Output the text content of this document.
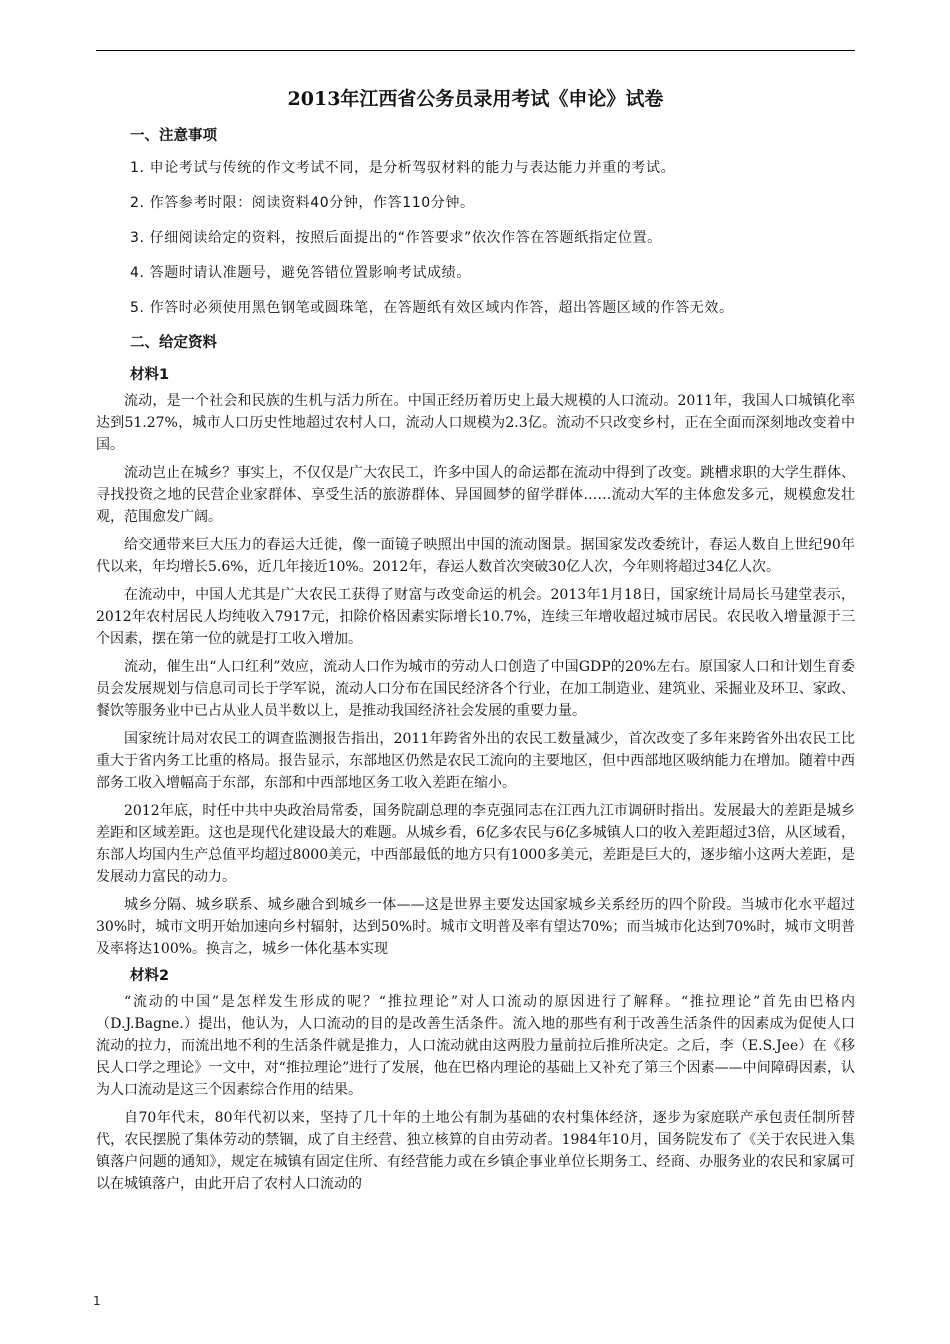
2013年江西省公务员录用考试《申论》试卷
一、注意事项
1. 申论考试与传统的作文考试不同，是分析驾驭材料的能力与表达能力并重的考试。
2. 作答参考时限：阅读资料40分钟，作答110分钟。
3. 仔细阅读给定的资料，按照后面提出的“作答要求”依次作答在答题纸指定位置。
4. 答题时请认准题号，避免答错位置影响考试成绩。
5. 作答时必须使用黑色钢笔或圆珠笔，在答题纸有效区域内作答，超出答题区域的作答无效。
二、给定资料
材料1

流动，是一个社会和民族的生机与活力所在。中国正经历着历史上最大规模的人口流动。2011年，我国人口城镇化率达到51.27%，城市人口历史性地超过农村人口，流动人口规模为2.3亿。流动不只改变乡村，正在全面而深刻地改变着中国。

流动岂止在城乡？事实上，不仅仅是广大农民工，许多中国人的命运都在流动中得到了改变。跳槽求职的大学生群体、寻找投资之地的民营企业家群体、享受生活的旅游群体、异国圆梦的留学群体……流动大军的主体愈发多元，规模愈发壮观，范围愈发广阔。

给交通带来巨大压力的春运大迁徙，像一面镜子映照出中国的流动图景。据国家发改委统计，春运人数自上世纪90年代以来，年均增长5.6%，近几年接近10%。2012年，春运人数首次突破30亿人次，今年则将超过34亿人次。

在流动中，中国人尤其是广大农民工获得了财富与改变命运的机会。2013年1月18日，国家统计局局长马建堂表示，2012年农村居民人均纯收入7917元，扣除价格因素实际增长10.7%，连续三年增收超过城市居民。农民收入增量源于三个因素，摆在第一位的就是打工收入增加。

流动，催生出“人口红利”效应，流动人口作为城市的劳动人口创造了中国GDP的20%左右。原国家人口和计划生育委员会发展规划与信息司司长于学军说，流动人口分布在国民经济各个行业，在加工制造业、建筑业、采掘业及环卫、家政、餐饮等服务业中已占从业人员半数以上，是推动我国经济社会发展的重要力量。

国家统计局对农民工的调查监测报告指出，2011年跨省外出的农民工数量减少，首次改变了多年来跨省外出农民工比重大于省内务工比重的格局。报告显示，东部地区仍然是农民工流向的主要地区，但中西部地区吸纳能力在增加。随着中西部务工收入增幅高于东部，东部和中西部地区务工收入差距在缩小。

2012年底，时任中共中央政治局常委，国务院副总理的李克强同志在江西九江市调研时指出。发展最大的差距是城乡差距和区域差距。这也是现代化建设最大的难题。从城乡看，6亿多农民与6亿多城镇人口的收入差距超过3倍，从区域看，东部人均国内生产总值平均超过8000美元，中西部最低的地方只有1000多美元，差距是巨大的，逐步缩小这两大差距，是发展动力富民的动力。

城乡分隔、城乡联系、城乡融合到城乡一体——这是世界主要发达国家城乡关系经历的四个阶段。当城市化水平超过30%时，城市文明开始加速向乡村辐射，达到50%时。城市文明普及率有望达70%；而当城市化达到70%时，城市文明普及率将达100%。换言之，城乡一体化基本实现

材料2

“流动的中国”是怎样发生形成的呢？“推拉理论”对人口流动的原因进行了解释。“推拉理论”首先由巴格内（D.J.Bagne.）提出，他认为，人口流动的目的是改善生活条件。流入地的那些有利于改善生活条件的因素成为促使人口流动的拉力，而流出地不利的生活条件就是推力，人口流动就由这两股力量前拉后推所决定。之后，李（E.S.Jee）在《移民人口学之理论》一文中，对“推拉理论”进行了发展，他在巴格内理论的基础上又补充了第三个因素——中间障碍因素，认为人口流动是这三个因素综合作用的结果。

自70年代末，80年代初以来，坚持了几十年的土地公有制为基础的农村集体经济，逐步为家庭联产承包责任制所替代，农民摆脱了集体劳动的禁锢，成了自主经营、独立核算的自由劳动者。1984年10月，国务院发布了《关于农民进入集镇落户问题的通知》，规定在城镇有固定住所、有经营能力或在乡镇企事业单位长期务工、经商、办服务业的农民和家属可以在城镇落户，由此开启了农村人口流动的

1
